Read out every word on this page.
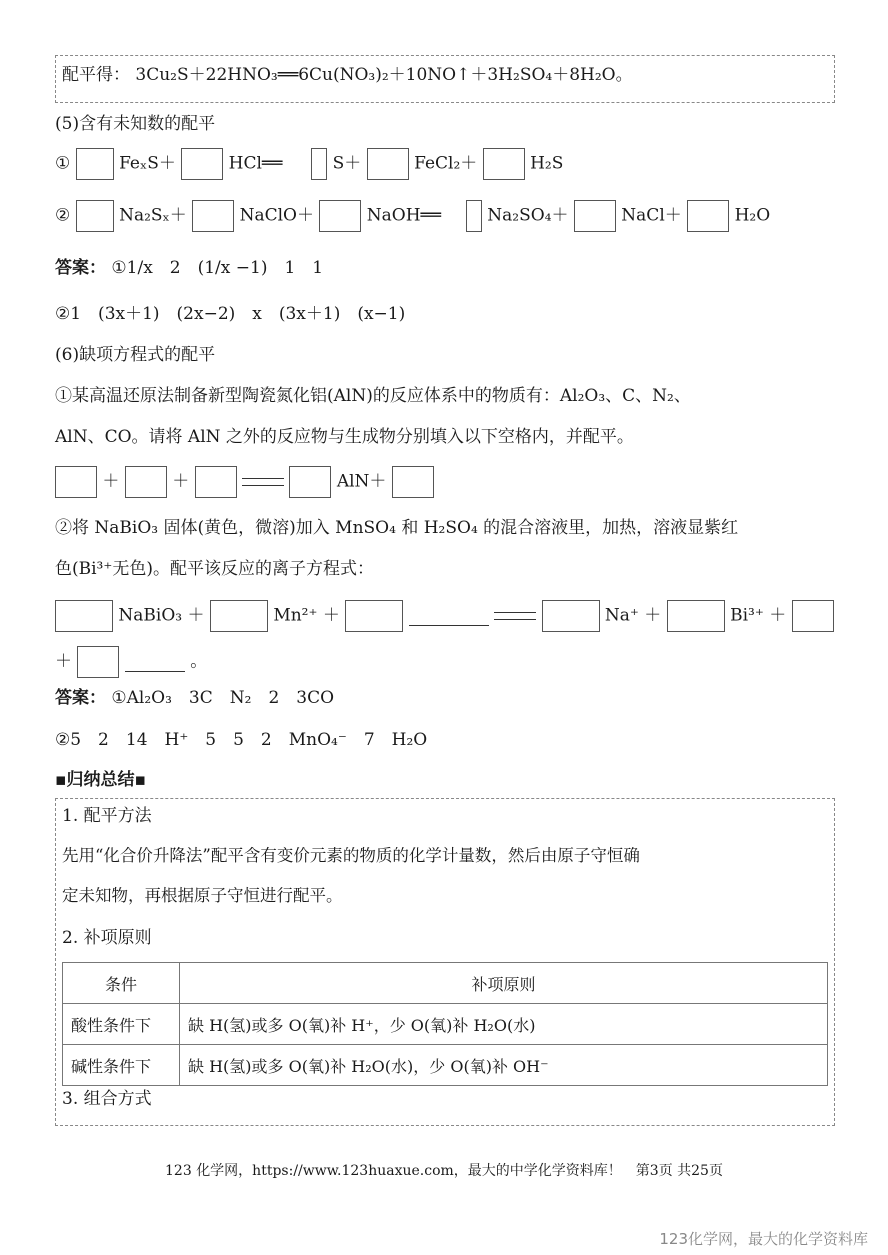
配平得： 3Cu₂S＋22HNO₃══6Cu(NO₃)₂＋10NO↑＋3H₂SO₄＋8H₂O。
(5)含有未知数的配平
①	FeₓS＋	HCl══	S＋	FeCl₂＋	H₂S
②	Na₂Sₓ＋	NaClO＋	NaOH══	Na₂SO₄＋	NaCl＋	H₂O
答案： ①1/x　2　(1/x −1)　1　1
②1　(3x＋1)　(2x−2)　x　(3x＋1)　(x−1)
(6)缺项方程式的配平
①某高温还原法制备新型陶瓷氮化铝(AlN)的反应体系中的物质有：Al₂O₃、C、N₂、
AlN、CO。请将 AlN 之外的反应物与生成物分别填入以下空格内，并配平。
＋	＋	AlN＋
②将 NaBiO₃ 固体(黄色，微溶)加入 MnSO₄ 和 H₂SO₄ 的混合溶液里，加热，溶液显紫红
色(Bi³⁺无色)。配平该反应的离子方程式：
NaBiO₃ ＋	Mn²⁺ ＋	Na⁺ ＋	Bi³⁺ ＋
＋	。
答案： ①Al₂O₃　3C　N₂　2　3CO
②5　2　14　H⁺　5　5　2　MnO₄⁻　7　H₂O
▪归纳总结▪
1. 配平方法
先用“化合价升降法”配平含有变价元素的物质的化学计量数，然后由原子守恒确
定未知物，再根据原子守恒进行配平。
2. 补项原则
条件	补项原则
酸性条件下	缺 H(氢)或多 O(氧)补 H⁺，少 O(氧)补 H₂O(水)
碱性条件下	缺 H(氢)或多 O(氧)补 H₂O(水)，少 O(氧)补 OH⁻
3. 组合方式
123 化学网，https://www.123huaxue.com，最大的中学化学资料库！　第3页 共25页
123化学网，最大的化学资料库
